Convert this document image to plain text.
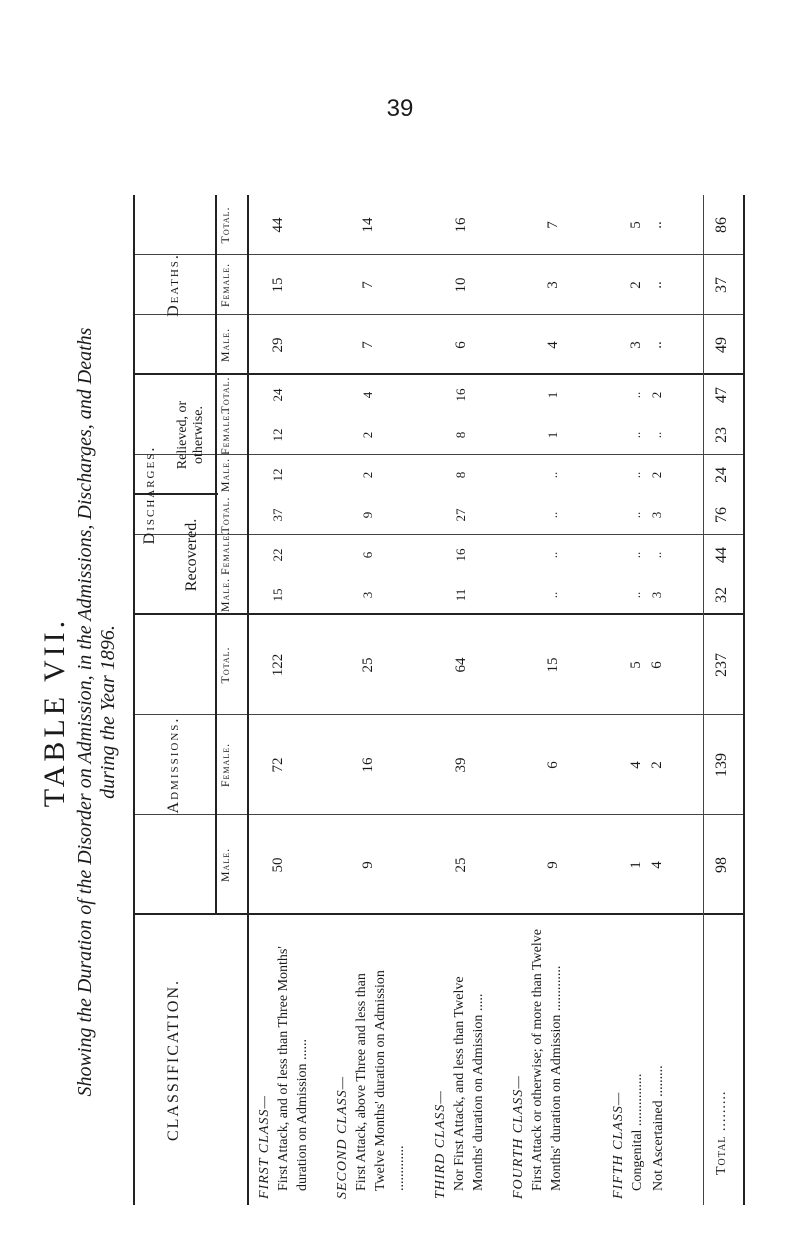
39
TABLE VII. Showing the Duration of the Disorder on Admission, in the Admissions, Discharges, and Deaths during the Year 1896.
CLASSIFICATION.
Admissions.
Discharges.
Recovered.
Relieved, or otherwise.
Deaths.
Male.
Female.
Total.
Male.
Female.
Total.
Male.
Female.
Total.
Male.
Female.
Total.
FIRST CLASS— First Attack, and of less than Three Months' duration on Admission ......
50
72
122
15
22
37
12
12
24
29
15
44
SECOND CLASS— First Attack, above Three and less than Twelve Months' duration on Admission .............
9
16
25
3
6
9
2
2
4
7
7
14
THIRD CLASS— Nor First Attack, and less than Twelve Months' duration on Admission .....
25
39
64
11
16
27
8
8
16
6
10
16
FOURTH CLASS— First Attack or otherwise; of more than Twelve Months' duration on Admission .............
9
6
15
..
..
..
..
1
1
4
3
7
FIFTH CLASS— Congenital ...............
1
4
5
..
..
..
..
..
..
3
2
5
Not Ascertained .........
4
2
6
3
..
3
2
..
2
..
..
..
Total .........
98
139
237
32
44
76
24
23
47
49
37
86
